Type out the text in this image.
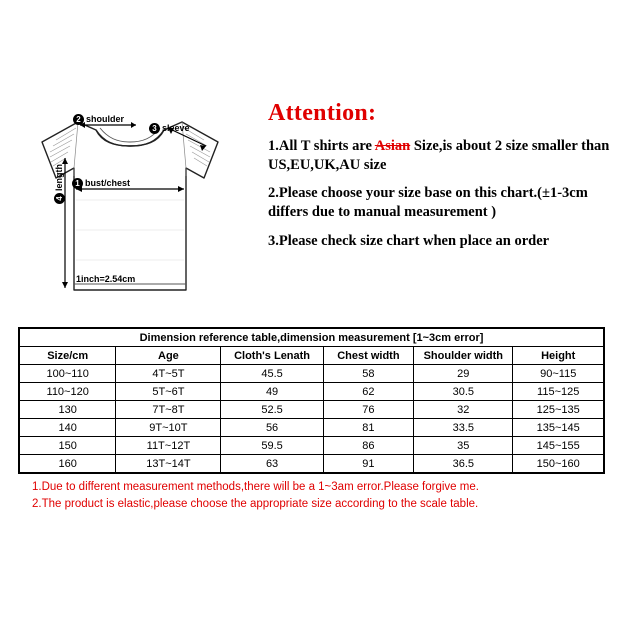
2 shoulder
3 sleeve
1 bust/chest
4length
1inch=2.54cm
Attention:

1.All T shirts are Asian Size,is about 2 size smaller than US,EU,UK,AU size

2.Please choose your size base on this chart.(±1-3cm differs due to manual measurement )

3.Please check size chart when place an order

Dimension reference table,dimension measurement [1~3cm error]					
Size/cm	Age	Cloth's Lenath	Chest width	Shoulder width	Height
100~110	4T~5T	45.5	58	29	90~115
110~120	5T~6T	49	62	30.5	115~125
130	7T~8T	52.5	76	32	125~135
140	9T~10T	56	81	33.5	135~145
150	11T~12T	59.5	86	35	145~155
160	13T~14T	63	91	36.5	150~160

1.Due to different measurement methods,there will be a 1~3am error.Please forgive me.

2.The product is elastic,please choose the appropriate size according to the scale table.
